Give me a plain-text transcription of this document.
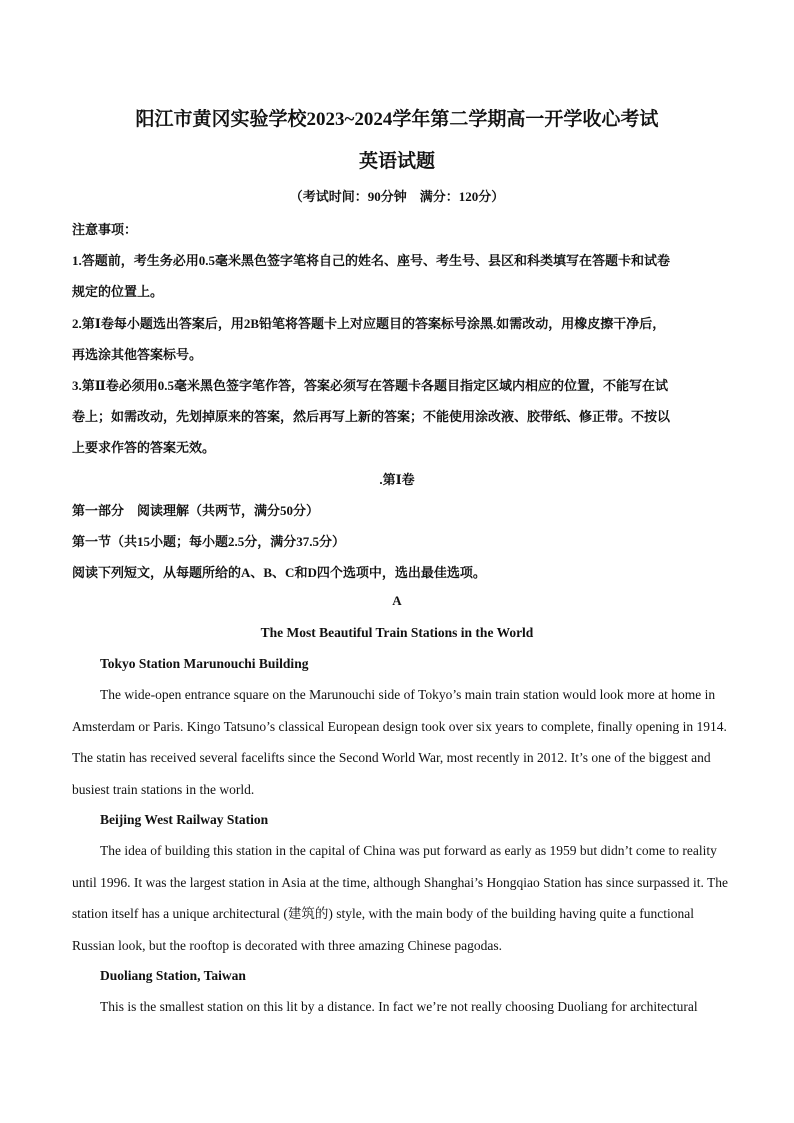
阳江市黄冈实验学校2023~2024学年第二学期高一开学收心考试
英语试题
（考试时间：90分钟　满分：120分）
注意事项：
1.答题前，考生务必用0.5毫米黑色签字笔将自己的姓名、座号、考生号、县区和科类填写在答题卡和试卷
规定的位置上。
2.第Ⅰ卷每小题选出答案后，用2B铅笔将答题卡上对应题目的答案标号涂黑.如需改动，用橡皮擦干净后，
再选涂其他答案标号。
3.第Ⅱ卷必须用0.5毫米黑色签字笔作答，答案必须写在答题卡各题目指定区域内相应的位置，不能写在试
卷上；如需改动，先划掉原来的答案，然后再写上新的答案；不能使用涂改液、胶带纸、修正带。不按以
上要求作答的答案无效。
.第Ⅰ卷
第一部分　阅读理解（共两节，满分50分）
第一节（共15小题；每小题2.5分，满分37.5分）
阅读下列短文，从每题所给的A、B、C和D四个选项中，选出最佳选项。
A
The Most Beautiful Train Stations in the World
Tokyo Station Marunouchi Building

The wide-open entrance square on the Marunouchi side of Tokyo’s main train station would look more at home in Amsterdam or Paris. Kingo Tatsuno’s classical European design took over six years to complete, finally opening in 1914. The statin has received several facelifts since the Second World War, most recently in 2012. It’s one of the biggest and busiest train stations in the world.

Beijing West Railway Station

The idea of building this station in the capital of China was put forward as early as 1959 but didn’t come to reality until 1996. It was the largest station in Asia at the time, although Shanghai’s Hongqiao Station has since surpassed it. The station itself has a unique architectural (建筑的) style, with the main body of the building having quite a functional Russian look, but the rooftop is decorated with three amazing Chinese pagodas.

Duoliang Station, Taiwan

This is the smallest station on this lit by a distance. In fact we’re not really choosing Duoliang for architectural
